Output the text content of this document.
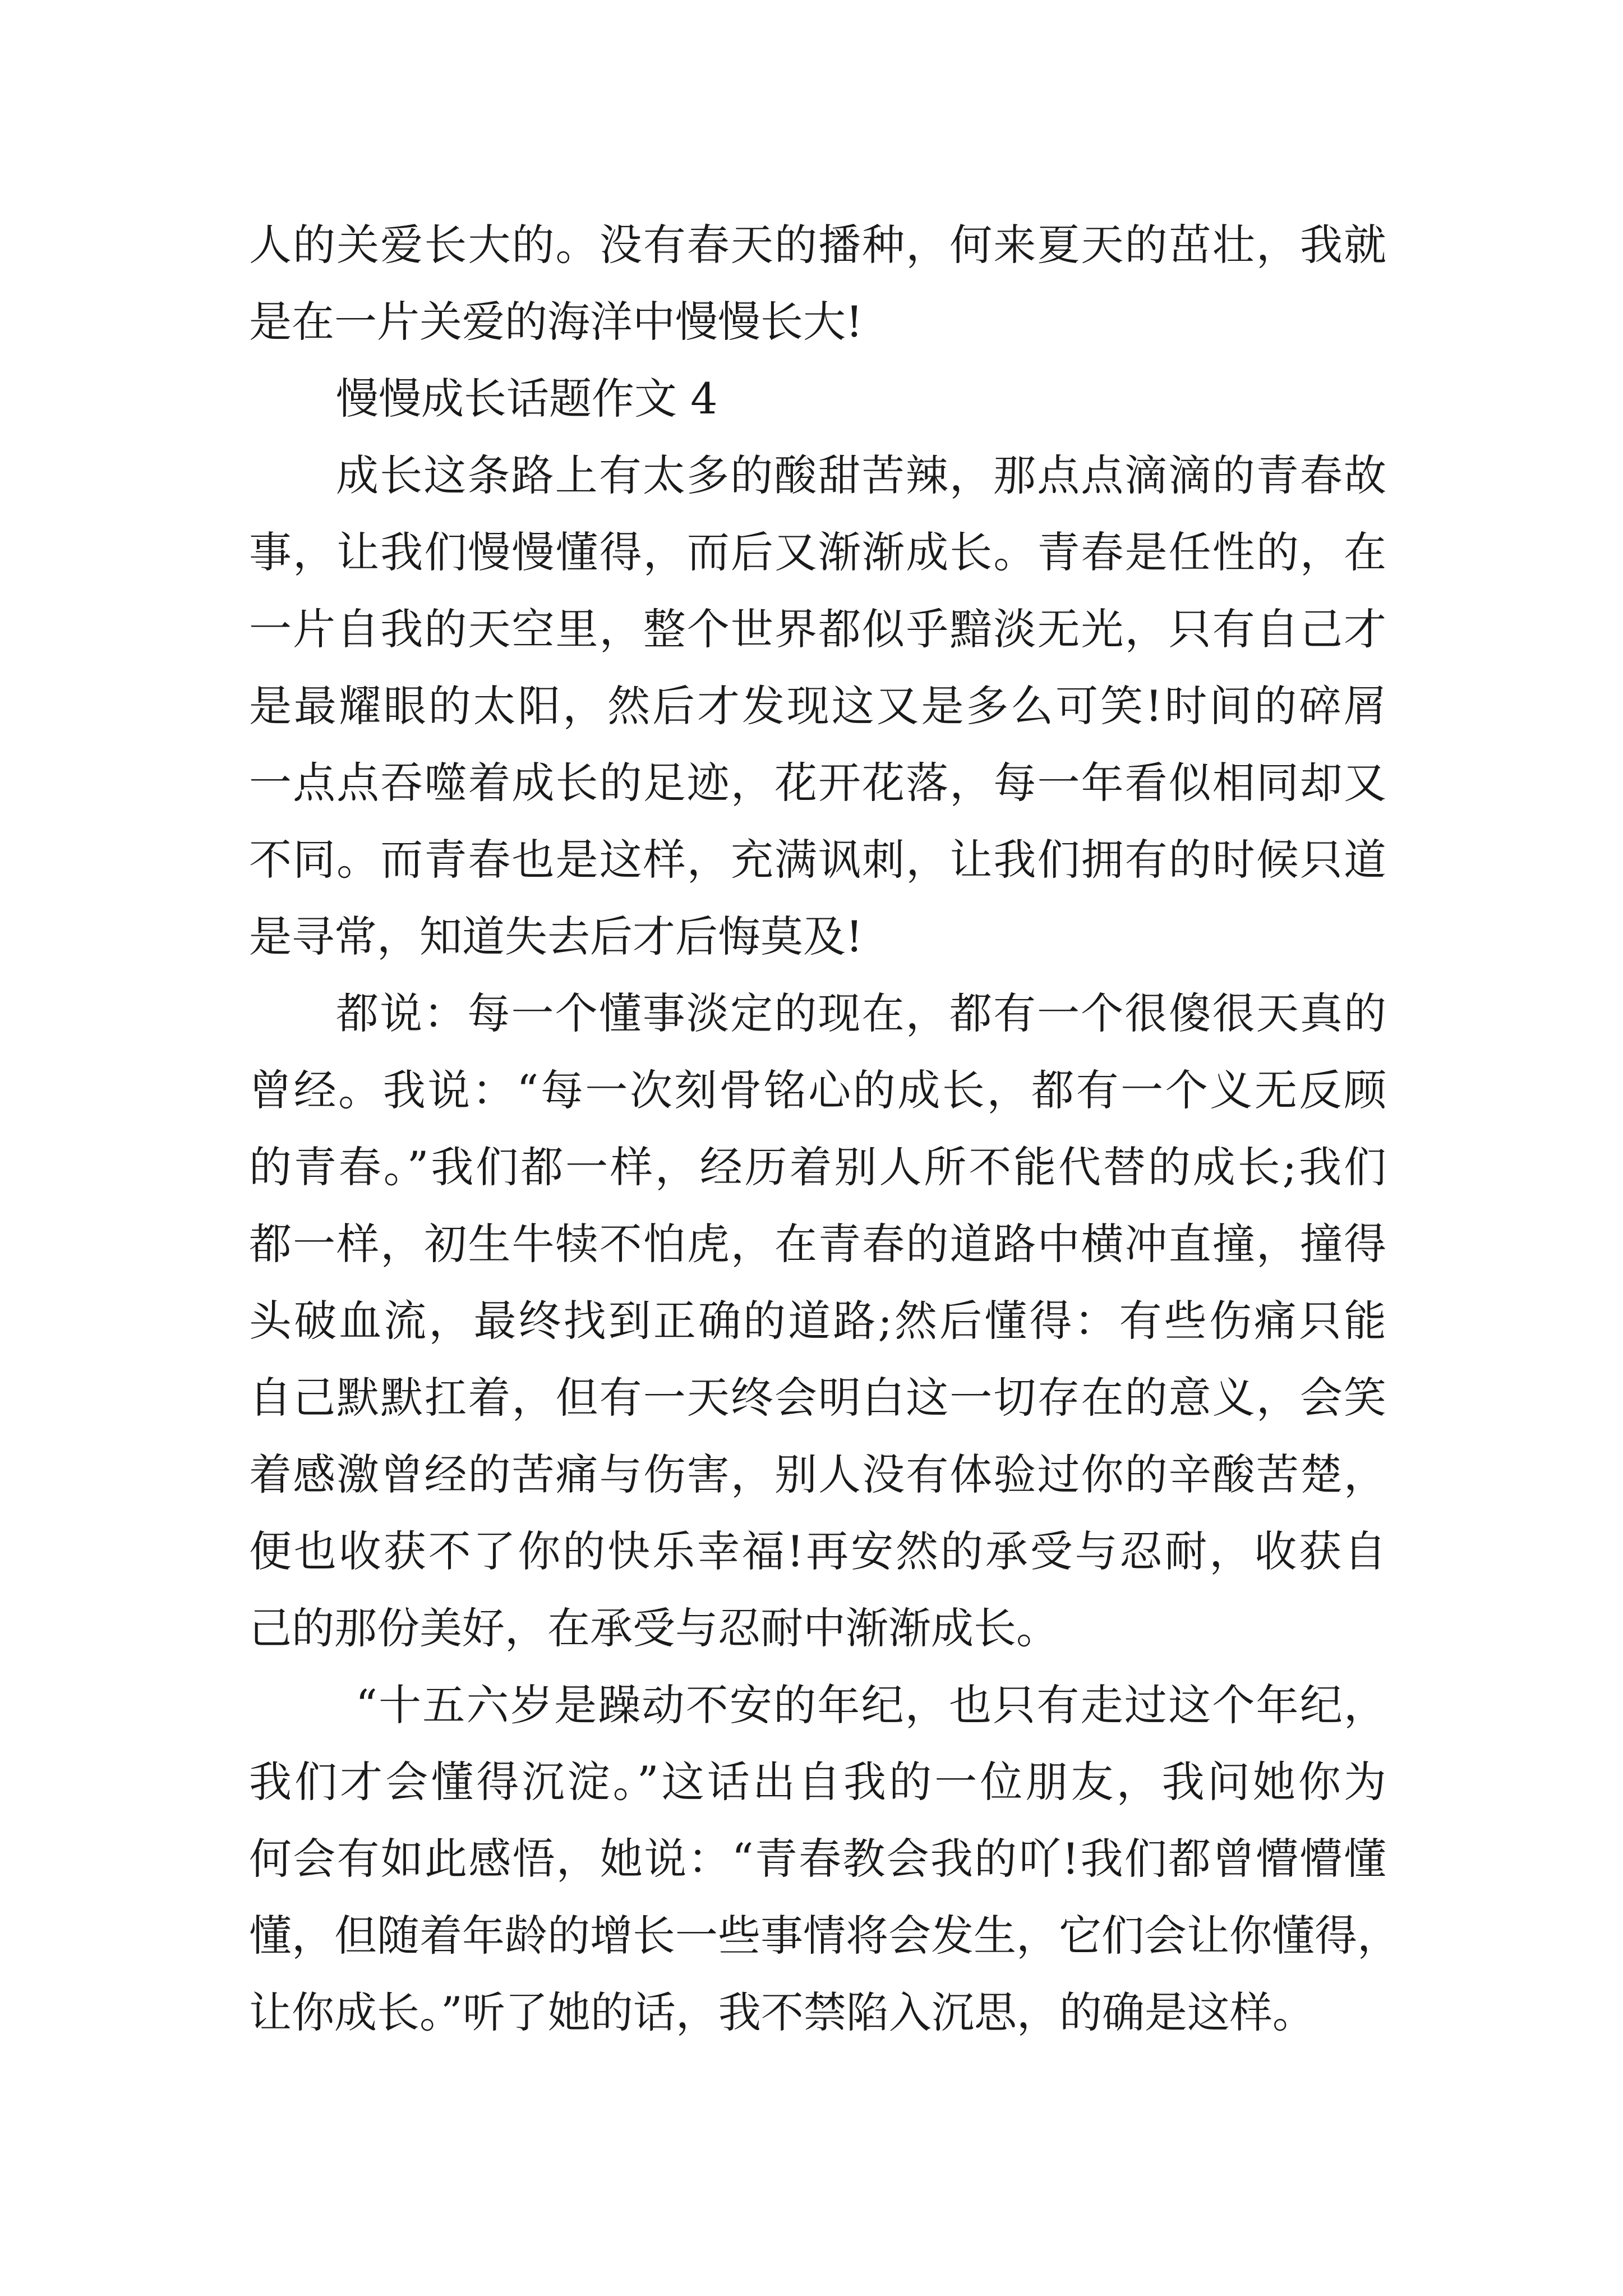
人的关爱长大的。没有春天的播种，何来夏天的茁壮，我就
是在一片关爱的海洋中慢慢长大!
慢慢成长话题作文 4
成长这条路上有太多的酸甜苦辣，那点点滴滴的青春故
事，让我们慢慢懂得，而后又渐渐成长。青春是任性的，在
一片自我的天空里，整个世界都似乎黯淡无光，只有自己才
是最耀眼的太阳，然后才发现这又是多么可笑!时间的碎屑
一点点吞噬着成长的足迹，花开花落，每一年看似相同却又
不同。而青春也是这样，充满讽刺，让我们拥有的时候只道
是寻常，知道失去后才后悔莫及!
都说：每一个懂事淡定的现在，都有一个很傻很天真的
曾经。我说：“每一次刻骨铭心的成长，都有一个义无反顾
的青春。”我们都一样，经历着别人所不能代替的成长;我们
都一样，初生牛犊不怕虎，在青春的道路中横冲直撞，撞得
头破血流，最终找到正确的道路;然后懂得：有些伤痛只能
自己默默扛着，但有一天终会明白这一切存在的意义，会笑
着感激曾经的苦痛与伤害，别人没有体验过你的辛酸苦楚，
便也收获不了你的快乐幸福!再安然的承受与忍耐，收获自
己的那份美好，在承受与忍耐中渐渐成长。
“十五六岁是躁动不安的年纪，也只有走过这个年纪，
我们才会懂得沉淀。”这话出自我的一位朋友，我问她你为
何会有如此感悟，她说：“青春教会我的吖!我们都曾懵懵懂
懂，但随着年龄的增长一些事情将会发生，它们会让你懂得，
让你成长。”听了她的话，我不禁陷入沉思，的确是这样。
